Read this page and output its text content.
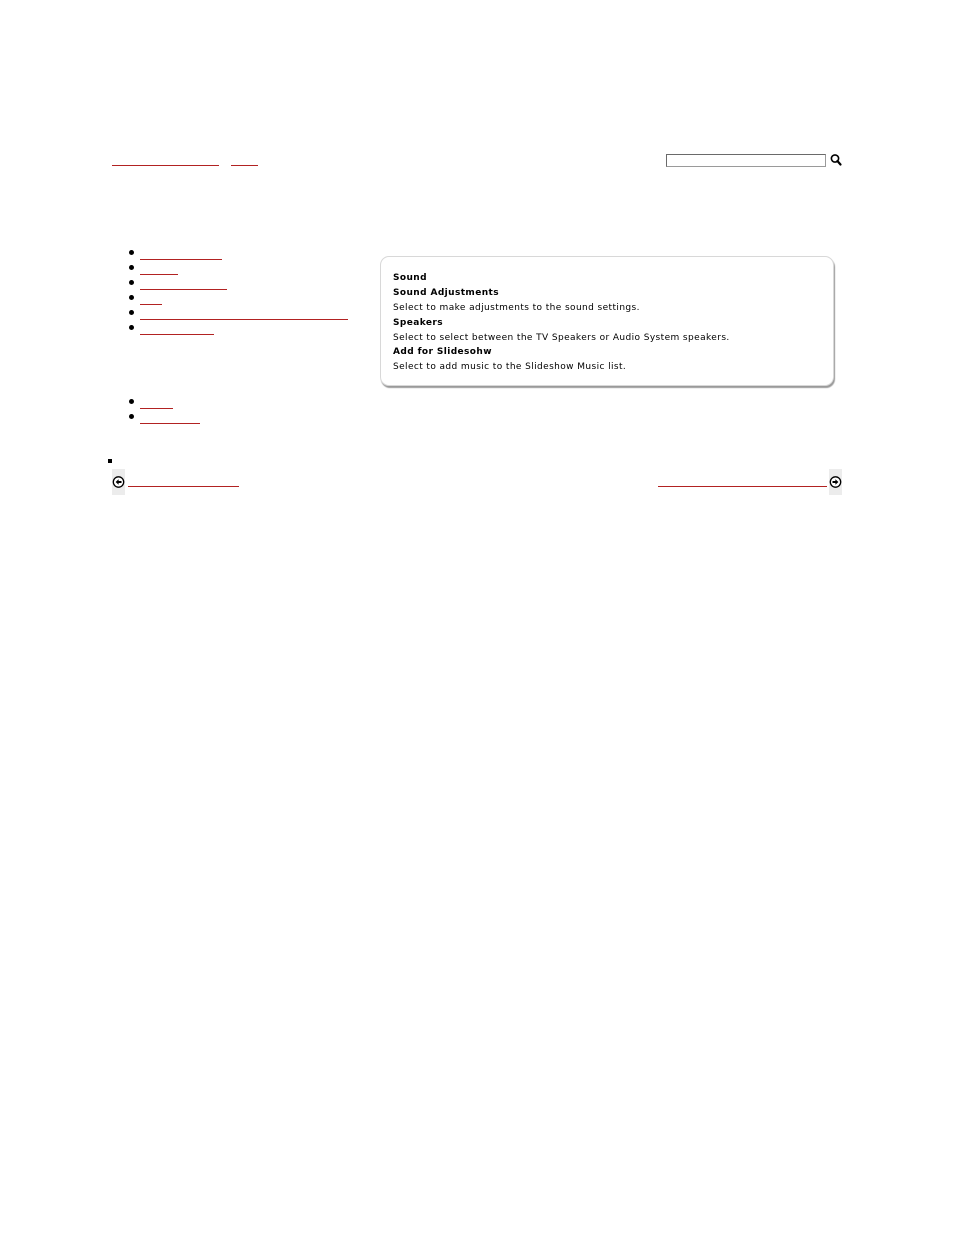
Sound
Sound Adjustments
Select to make adjustments to the sound settings.
Speakers
Select to select between the TV Speakers or Audio System speakers.
Add for Slidesohw
Select to add music to the Slideshow Music list.
